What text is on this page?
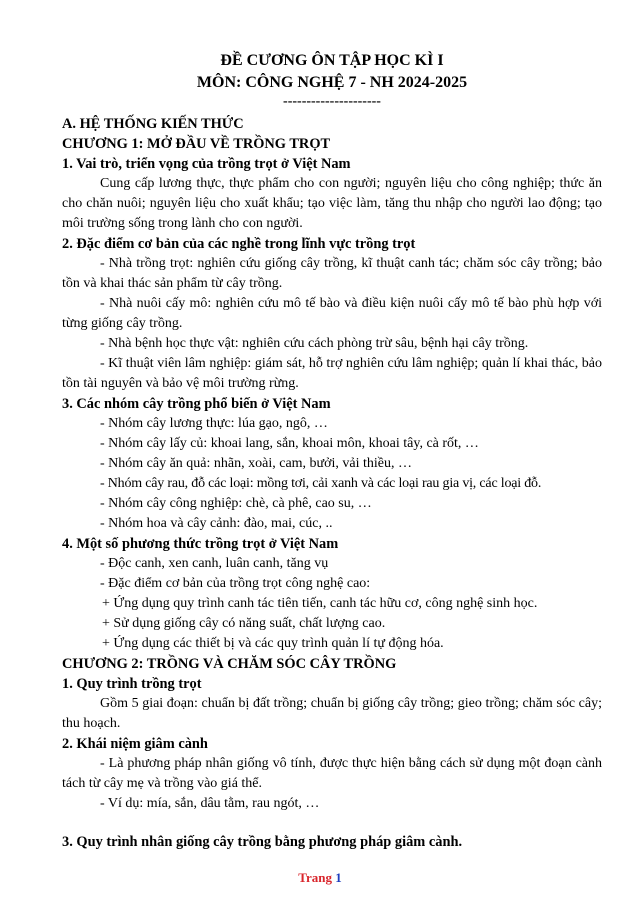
ĐỀ CƯƠNG ÔN TẬP HỌC KÌ I
MÔN: CÔNG NGHỆ 7 - NH 2024-2025
---------------------
A. HỆ THỐNG KIẾN THỨC
CHƯƠNG 1: MỞ ĐẦU VỀ TRỒNG TRỌT
1. Vai trò, triển vọng của trồng trọt ở Việt Nam
Cung cấp lương thực, thực phẩm cho con người; nguyên liệu cho công nghiệp; thức ăn cho chăn nuôi; nguyên liệu cho xuất khẩu; tạo việc làm, tăng thu nhập cho người lao động; tạo môi trường sống trong lành cho con người.
2. Đặc điểm cơ bản của các nghề trong lĩnh vực trồng trọt
- Nhà trồng trọt: nghiên cứu giống cây trồng, kĩ thuật canh tác; chăm sóc cây trồng; bảo tồn và khai thác sản phẩm từ cây trồng.
- Nhà nuôi cấy mô: nghiên cứu mô tế bào và điều kiện nuôi cấy mô tế bào phù hợp với từng giống cây trồng.
- Nhà bệnh học thực vật: nghiên cứu cách phòng trừ sâu, bệnh hại cây trồng.
- Kĩ thuật viên lâm nghiệp: giám sát, hỗ trợ nghiên cứu lâm nghiệp; quản lí khai thác, bảo tồn tài nguyên và bảo vệ môi trường rừng.
3. Các nhóm cây trồng phổ biến ở Việt Nam
- Nhóm cây lương thực: lúa gạo, ngô, …
- Nhóm cây lấy củ: khoai lang, sắn, khoai môn, khoai tây, cà rốt, …
- Nhóm cây ăn quả: nhãn, xoài, cam, bưởi, vải thiều, …
- Nhóm cây rau, đỗ các loại: mồng tơi, cải xanh và các loại rau gia vị, các loại đỗ.
- Nhóm cây công nghiệp: chè, cà phê, cao su, …
- Nhóm hoa và cây cảnh: đào, mai, cúc, ..
4. Một số phương thức trồng trọt ở Việt Nam
- Độc canh, xen canh, luân canh, tăng vụ
- Đặc điểm cơ bản của trồng trọt công nghệ cao:
+ Ứng dụng quy trình canh tác tiên tiến, canh tác hữu cơ, công nghệ sinh học.
+ Sử dụng giống cây có năng suất, chất lượng cao.
+ Ứng dụng các thiết bị và các quy trình quản lí tự động hóa.
CHƯƠNG 2: TRỒNG VÀ CHĂM SÓC CÂY TRỒNG
1. Quy trình trồng trọt
Gồm 5 giai đoạn: chuẩn bị đất trồng; chuẩn bị giống cây trồng; gieo trồng; chăm sóc cây; thu hoạch.
2. Khái niệm giâm cành
- Là phương pháp nhân giống vô tính, được thực hiện bằng cách sử dụng một đoạn cành tách từ cây mẹ và trồng vào giá thể.
- Ví dụ: mía, sắn, dâu tằm, rau ngót, …
3. Quy trình nhân giống cây trồng bằng phương pháp giâm cành.
Trang 1
